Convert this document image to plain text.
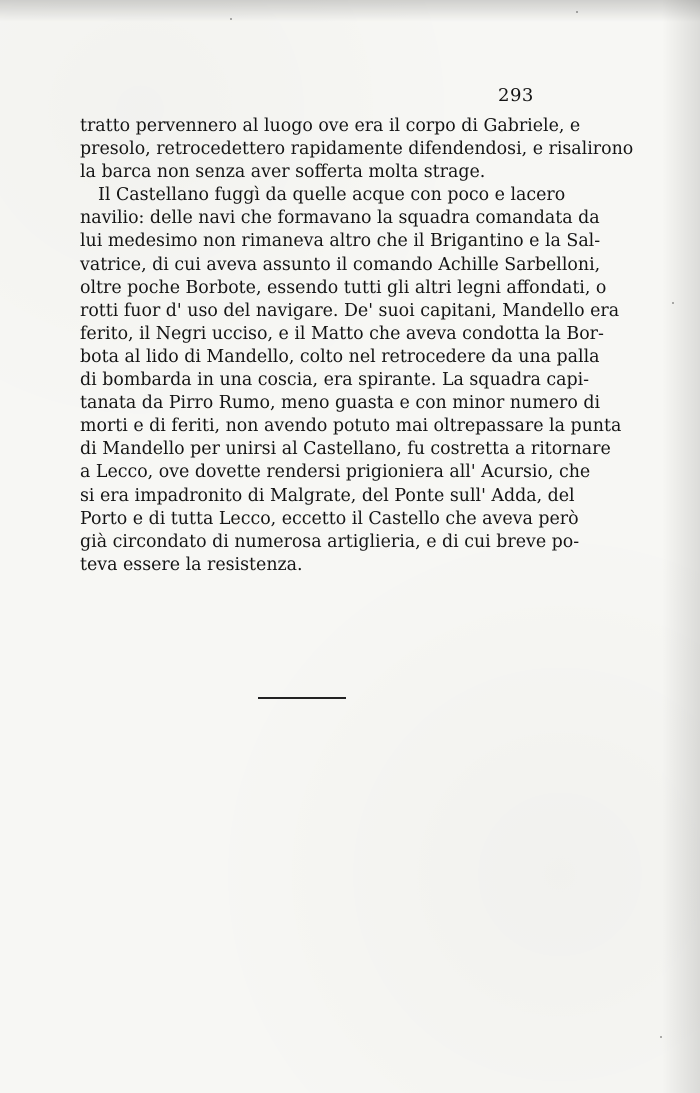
293
tratto pervennero al luogo ove era il corpo di Gabriele, e
presolo, retrocedettero rapidamente difendendosi, e risalirono
la barca non senza aver sofferta molta strage.
Il Castellano fuggì da quelle acque con poco e lacero
navilio: delle navi che formavano la squadra comandata da
lui medesimo non rimaneva altro che il Brigantino e la Sal-
vatrice, di cui aveva assunto il comando Achille Sarbelloni,
oltre poche Borbote, essendo tutti gli altri legni affondati, o
rotti fuor d' uso del navigare. De' suoi capitani, Mandello era
ferito, il Negri ucciso, e il Matto che aveva condotta la Bor-
bota al lido di Mandello, colto nel retrocedere da una palla
di bombarda in una coscia, era spirante. La squadra capi-
tanata da Pirro Rumo, meno guasta e con minor numero di
morti e di feriti, non avendo potuto mai oltrepassare la punta
di Mandello per unirsi al Castellano, fu costretta a ritornare
a Lecco, ove dovette rendersi prigioniera all' Acursio, che
si era impadronito di Malgrate, del Ponte sull' Adda, del
Porto e di tutta Lecco, eccetto il Castello che aveva però
già circondato di numerosa artiglieria, e di cui breve po-
teva essere la resistenza.
